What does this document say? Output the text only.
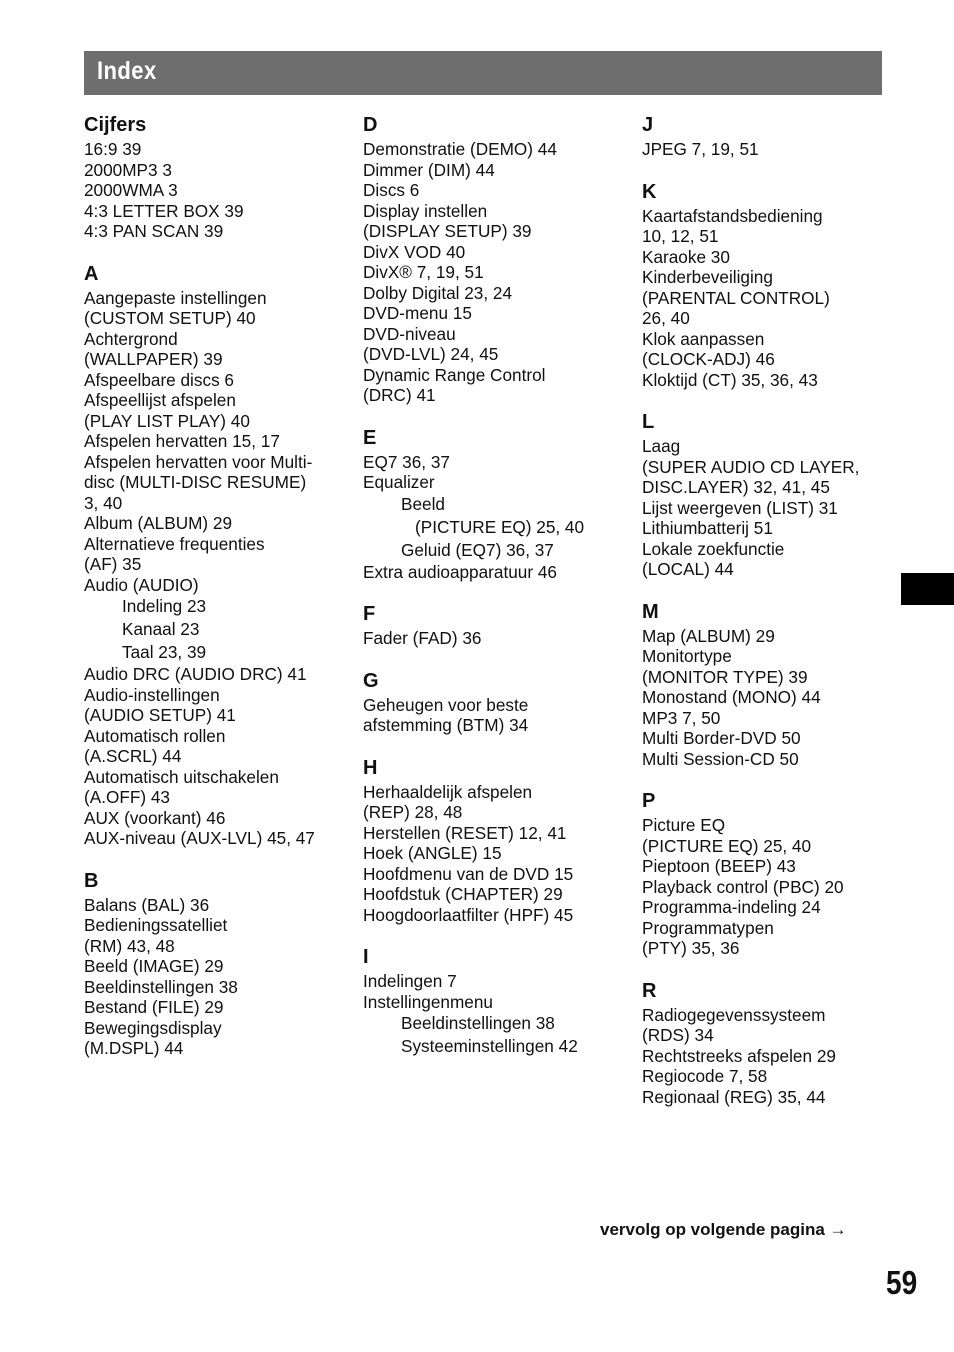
Index
Cijfers
16:9 39
2000MP3 3
2000WMA 3
4:3 LETTER BOX 39
4:3 PAN SCAN 39
A
Aangepaste instellingen
(CUSTOM SETUP) 40
Achtergrond
(WALLPAPER) 39
Afspeelbare discs 6
Afspeellijst afspelen
(PLAY LIST PLAY) 40
Afspelen hervatten 15, 17
Afspelen hervatten voor Multi-
disc (MULTI-DISC RESUME)
3, 40
Album (ALBUM) 29
Alternatieve frequenties
(AF) 35
Audio (AUDIO)
Indeling 23
Kanaal 23
Taal 23, 39
Audio DRC (AUDIO DRC) 41
Audio-instellingen
(AUDIO SETUP) 41
Automatisch rollen
(A.SCRL) 44
Automatisch uitschakelen
(A.OFF) 43
AUX (voorkant) 46
AUX-niveau (AUX-LVL) 45, 47
B
Balans (BAL) 36
Bedieningssatelliet
(RM) 43, 48
Beeld (IMAGE) 29
Beeldinstellingen 38
Bestand (FILE) 29
Bewegingsdisplay
(M.DSPL) 44
D
Demonstratie (DEMO) 44
Dimmer (DIM) 44
Discs 6
Display instellen
(DISPLAY SETUP) 39
DivX VOD 40
DivX® 7, 19, 51
Dolby Digital 23, 24
DVD-menu 15
DVD-niveau
(DVD-LVL) 24, 45
Dynamic Range Control
(DRC) 41
E
EQ7 36, 37
Equalizer
Beeld
(PICTURE EQ) 25, 40
Geluid (EQ7) 36, 37
Extra audioapparatuur 46
F
Fader (FAD) 36
G
Geheugen voor beste
afstemming (BTM) 34
H
Herhaaldelijk afspelen
(REP) 28, 48
Herstellen (RESET) 12, 41
Hoek (ANGLE) 15
Hoofdmenu van de DVD 15
Hoofdstuk (CHAPTER) 29
Hoogdoorlaatfilter (HPF) 45
I
Indelingen 7
Instellingenmenu
Beeldinstellingen 38
Systeeminstellingen 42
J
JPEG 7, 19, 51
K
Kaartafstandsbediening
10, 12, 51
Karaoke 30
Kinderbeveiliging
(PARENTAL CONTROL)
26, 40
Klok aanpassen
(CLOCK-ADJ) 46
Kloktijd (CT) 35, 36, 43
L
Laag
(SUPER AUDIO CD LAYER,
DISC.LAYER) 32, 41, 45
Lijst weergeven (LIST) 31
Lithiumbatterij 51
Lokale zoekfunctie
(LOCAL) 44
M
Map (ALBUM) 29
Monitortype
(MONITOR TYPE) 39
Monostand (MONO) 44
MP3 7, 50
Multi Border-DVD 50
Multi Session-CD 50
P
Picture EQ
(PICTURE EQ) 25, 40
Pieptoon (BEEP) 43
Playback control (PBC) 20
Programma-indeling 24
Programmatypen
(PTY) 35, 36
R
Radiogegevenssysteem
(RDS) 34
Rechtstreeks afspelen 29
Regiocode 7, 58
Regionaal (REG) 35, 44
vervolg op volgende pagina →
59
